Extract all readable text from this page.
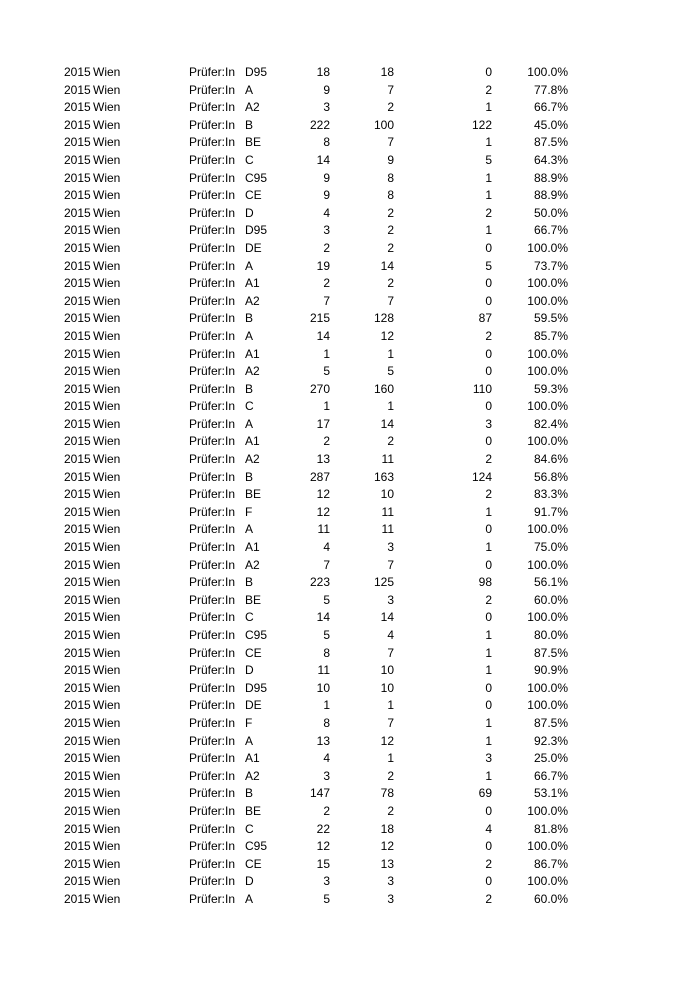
2015 Wien	Prüfer:In D95	18	18	0	100.0%
2015 Wien	Prüfer:In A	9	7	2	77.8%
2015 Wien	Prüfer:In A2	3	2	1	66.7%
2015 Wien	Prüfer:In B	222	100	122	45.0%
2015 Wien	Prüfer:In BE	8	7	1	87.5%
2015 Wien	Prüfer:In C	14	9	5	64.3%
2015 Wien	Prüfer:In C95	9	8	1	88.9%
2015 Wien	Prüfer:In CE	9	8	1	88.9%
2015 Wien	Prüfer:In D	4	2	2	50.0%
2015 Wien	Prüfer:In D95	3	2	1	66.7%
2015 Wien	Prüfer:In DE	2	2	0	100.0%
2015 Wien	Prüfer:In A	19	14	5	73.7%
2015 Wien	Prüfer:In A1	2	2	0	100.0%
2015 Wien	Prüfer:In A2	7	7	0	100.0%
2015 Wien	Prüfer:In B	215	128	87	59.5%
2015 Wien	Prüfer:In A	14	12	2	85.7%
2015 Wien	Prüfer:In A1	1	1	0	100.0%
2015 Wien	Prüfer:In A2	5	5	0	100.0%
2015 Wien	Prüfer:In B	270	160	110	59.3%
2015 Wien	Prüfer:In C	1	1	0	100.0%
2015 Wien	Prüfer:In A	17	14	3	82.4%
2015 Wien	Prüfer:In A1	2	2	0	100.0%
2015 Wien	Prüfer:In A2	13	11	2	84.6%
2015 Wien	Prüfer:In B	287	163	124	56.8%
2015 Wien	Prüfer:In BE	12	10	2	83.3%
2015 Wien	Prüfer:In F	12	11	1	91.7%
2015 Wien	Prüfer:In A	11	11	0	100.0%
2015 Wien	Prüfer:In A1	4	3	1	75.0%
2015 Wien	Prüfer:In A2	7	7	0	100.0%
2015 Wien	Prüfer:In B	223	125	98	56.1%
2015 Wien	Prüfer:In BE	5	3	2	60.0%
2015 Wien	Prüfer:In C	14	14	0	100.0%
2015 Wien	Prüfer:In C95	5	4	1	80.0%
2015 Wien	Prüfer:In CE	8	7	1	87.5%
2015 Wien	Prüfer:In D	11	10	1	90.9%
2015 Wien	Prüfer:In D95	10	10	0	100.0%
2015 Wien	Prüfer:In DE	1	1	0	100.0%
2015 Wien	Prüfer:In F	8	7	1	87.5%
2015 Wien	Prüfer:In A	13	12	1	92.3%
2015 Wien	Prüfer:In A1	4	1	3	25.0%
2015 Wien	Prüfer:In A2	3	2	1	66.7%
2015 Wien	Prüfer:In B	147	78	69	53.1%
2015 Wien	Prüfer:In BE	2	2	0	100.0%
2015 Wien	Prüfer:In C	22	18	4	81.8%
2015 Wien	Prüfer:In C95	12	12	0	100.0%
2015 Wien	Prüfer:In CE	15	13	2	86.7%
2015 Wien	Prüfer:In D	3	3	0	100.0%
2015 Wien	Prüfer:In A	5	3	2	60.0%
